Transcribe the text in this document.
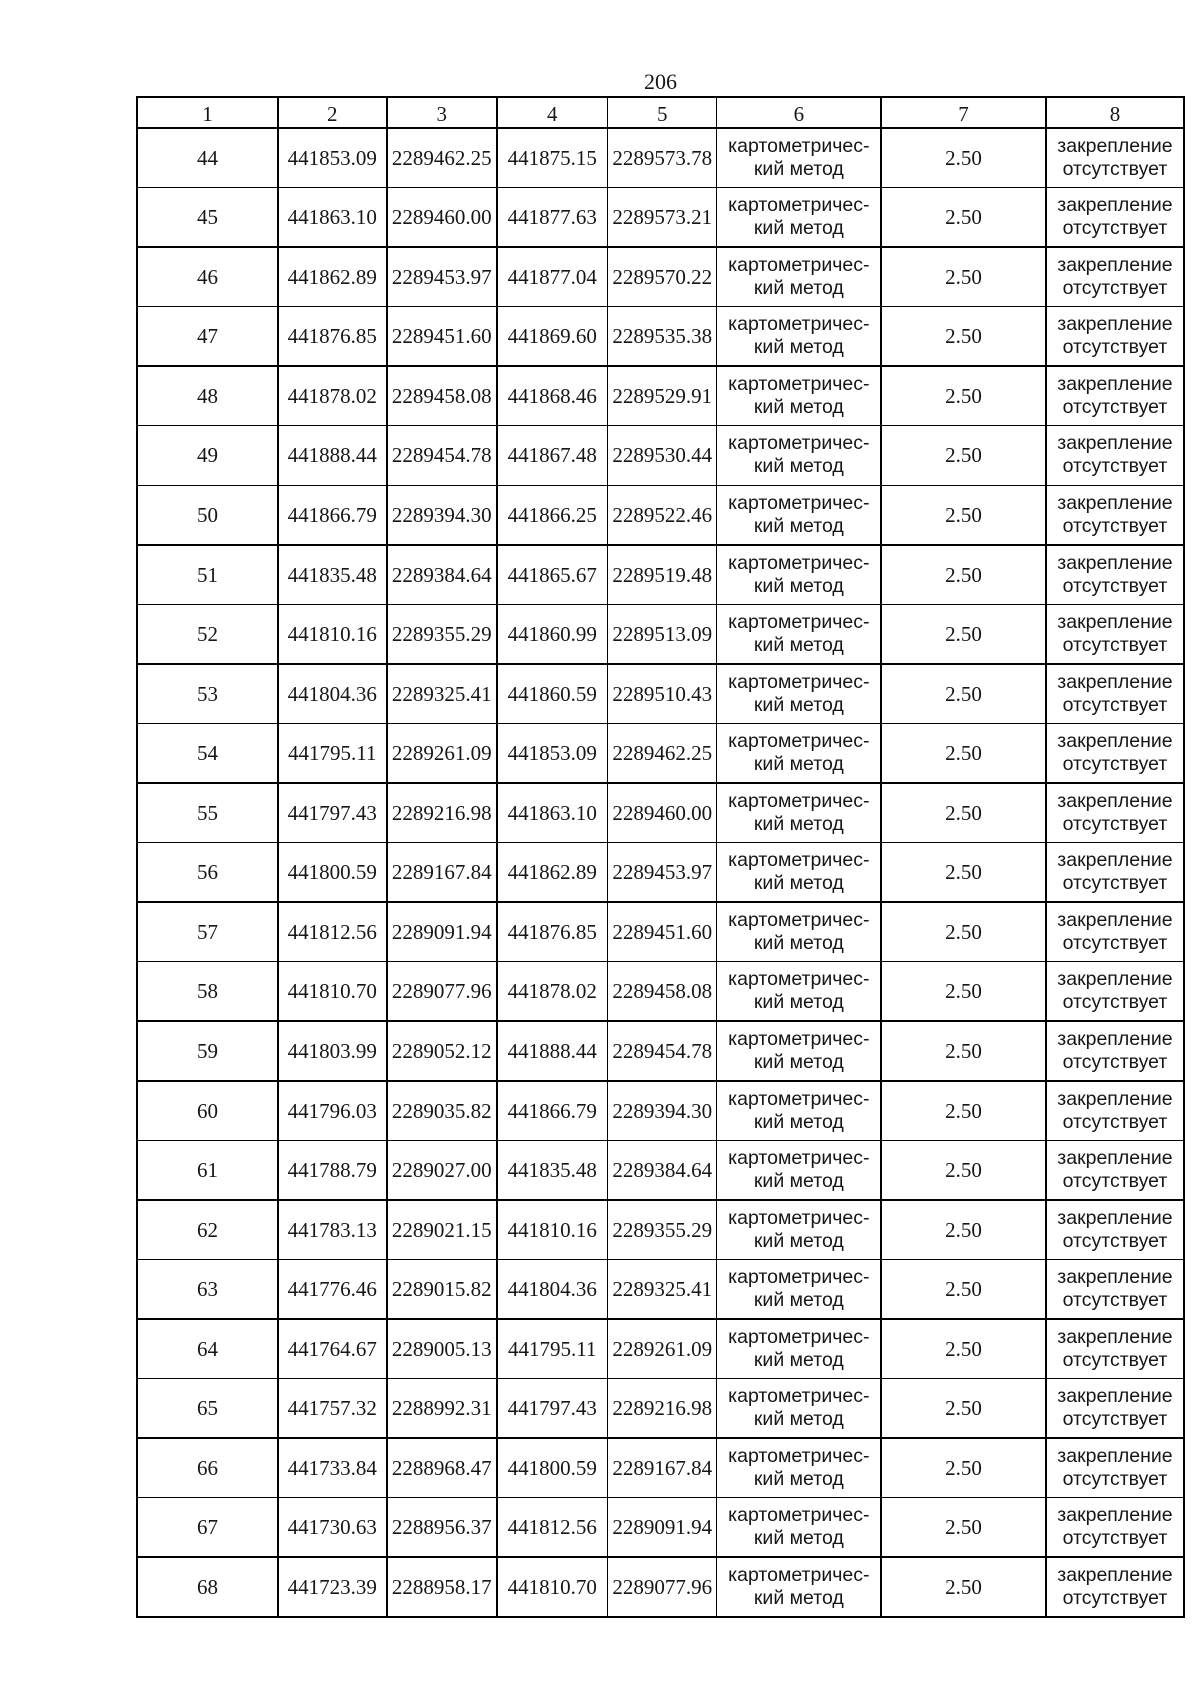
206
1	2	3	4	5	6	7	8
44	441853.09 2289462.25 441875.15 2289573.78 картометричес-
кий метод	2.50	закрепление
отсутствует
45	441863.10 2289460.00 441877.63 2289573.21 картометричес-
кий метод	2.50	закрепление
отсутствует
46	441862.89 2289453.97 441877.04 2289570.22 картометричес-
кий метод	2.50	закрепление
отсутствует
47	441876.85 2289451.60 441869.60 2289535.38 картометричес-
кий метод	2.50	закрепление
отсутствует
48	441878.02 2289458.08 441868.46 2289529.91 картометричес-
кий метод	2.50	закрепление
отсутствует
49	441888.44 2289454.78 441867.48 2289530.44 картометричес-
кий метод	2.50	закрепление
отсутствует
50	441866.79 2289394.30 441866.25 2289522.46 картометричес-
кий метод	2.50	закрепление
отсутствует
51	441835.48 2289384.64 441865.67 2289519.48 картометричес-
кий метод	2.50	закрепление
отсутствует
52	441810.16 2289355.29 441860.99 2289513.09 картометричес-
кий метод	2.50	закрепление
отсутствует
53	441804.36 2289325.41 441860.59 2289510.43 картометричес-
кий метод	2.50	закрепление
отсутствует
54	441795.11 2289261.09 441853.09 2289462.25 картометричес-
кий метод	2.50	закрепление
отсутствует
55	441797.43 2289216.98 441863.10 2289460.00 картометричес-
кий метод	2.50	закрепление
отсутствует
56	441800.59 2289167.84 441862.89 2289453.97 картометричес-
кий метод	2.50	закрепление
отсутствует
57	441812.56 2289091.94 441876.85 2289451.60 картометричес-
кий метод	2.50	закрепление
отсутствует
58	441810.70 2289077.96 441878.02 2289458.08 картометричес-
кий метод	2.50	закрепление
отсутствует
59	441803.99 2289052.12 441888.44 2289454.78 картометричес-
кий метод	2.50	закрепление
отсутствует
60	441796.03 2289035.82 441866.79 2289394.30 картометричес-
кий метод	2.50	закрепление
отсутствует
61	441788.79 2289027.00 441835.48 2289384.64 картометричес-
кий метод	2.50	закрепление
отсутствует
62	441783.13 2289021.15 441810.16 2289355.29 картометричес-
кий метод	2.50	закрепление
отсутствует
63	441776.46 2289015.82 441804.36 2289325.41 картометричес-
кий метод	2.50	закрепление
отсутствует
64	441764.67 2289005.13 441795.11 2289261.09 картометричес-
кий метод	2.50	закрепление
отсутствует
65	441757.32 2288992.31 441797.43 2289216.98 картометричес-
кий метод	2.50	закрепление
отсутствует
66	441733.84 2288968.47 441800.59 2289167.84 картометричес-
кий метод	2.50	закрепление
отсутствует
67	441730.63 2288956.37 441812.56 2289091.94 картометричес-
кий метод	2.50	закрепление
отсутствует
68	441723.39 2288958.17 441810.70 2289077.96 картометричес-
кий метод	2.50	закрепление
отсутствует
